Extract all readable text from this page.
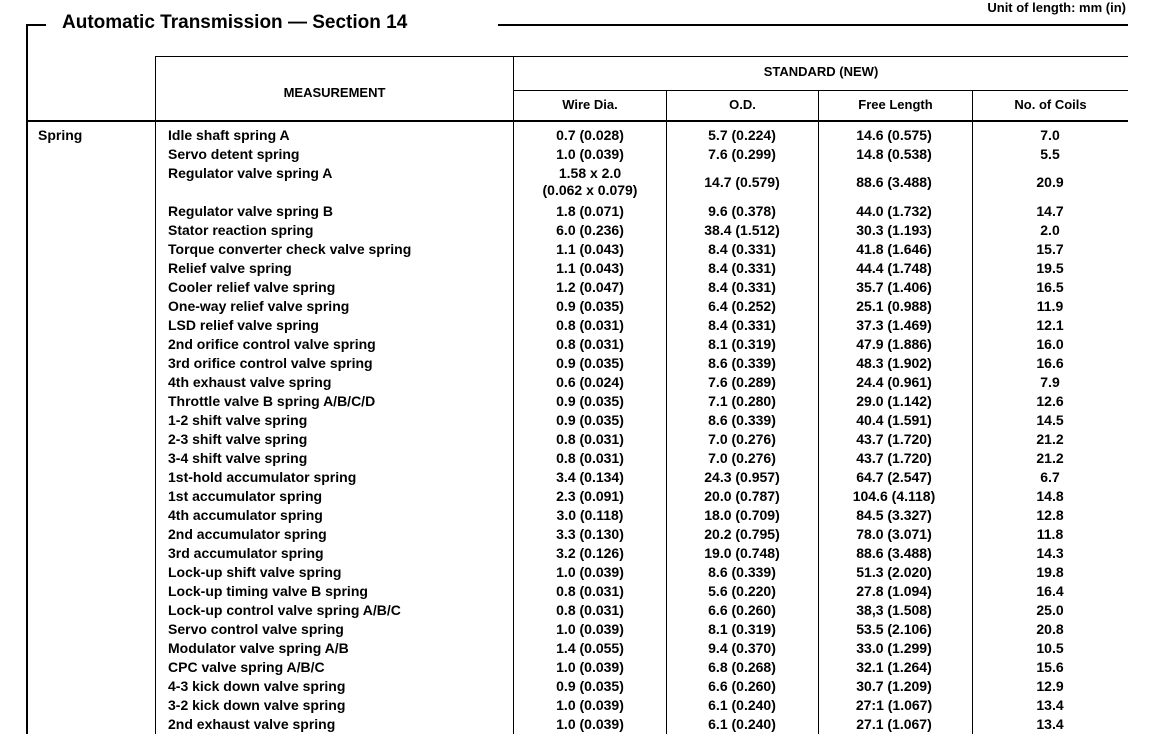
Unit of length: mm (in)
Automatic Transmission — Section 14
MEASUREMENT
STANDARD (NEW)
Wire Dia.	O.D.	Free Length	No. of Coils
Spring	Idle shaft spring A	0.7 (0.028)	5.7 (0.224)	14.6 (0.575)	7.0
Servo detent spring	1.0 (0.039)	7.6 (0.299)	14.8 (0.538)	5.5
Regulator valve spring A	1.58 x 2.0
(0.062 x 0.079)	14.7 (0.579)	88.6 (3.488)	20.9
Regulator valve spring B	1.8 (0.071)	9.6 (0.378)	44.0 (1.732)	14.7
Stator reaction spring	6.0 (0.236)	38.4 (1.512)	30.3 (1.193)	2.0
Torque converter check valve spring	1.1 (0.043)	8.4 (0.331)	41.8 (1.646)	15.7
Relief valve spring	1.1 (0.043)	8.4 (0.331)	44.4 (1.748)	19.5
Cooler relief valve spring	1.2 (0.047)	8.4 (0.331)	35.7 (1.406)	16.5
One-way relief valve spring	0.9 (0.035)	6.4 (0.252)	25.1 (0.988)	11.9
LSD relief valve spring	0.8 (0.031)	8.4 (0.331)	37.3 (1.469)	12.1
2nd orifice control valve spring	0.8 (0.031)	8.1 (0.319)	47.9 (1.886)	16.0
3rd orifice control valve spring	0.9 (0.035)	8.6 (0.339)	48.3 (1.902)	16.6
4th exhaust valve spring	0.6 (0.024)	7.6 (0.289)	24.4 (0.961)	7.9
Throttle valve B spring A/B/C/D	0.9 (0.035)	7.1 (0.280)	29.0 (1.142)	12.6
1-2 shift valve spring	0.9 (0.035)	8.6 (0.339)	40.4 (1.591)	14.5
2-3 shift valve spring	0.8 (0.031)	7.0 (0.276)	43.7 (1.720)	21.2
3-4 shift valve spring	0.8 (0.031)	7.0 (0.276)	43.7 (1.720)	21.2
1st-hold accumulator spring	3.4 (0.134)	24.3 (0.957)	64.7 (2.547)	6.7
1st accumulator spring	2.3 (0.091)	20.0 (0.787)	104.6 (4.118)	14.8
4th accumulator spring	3.0 (0.118)	18.0 (0.709)	84.5 (3.327)	12.8
2nd accumulator spring	3.3 (0.130)	20.2 (0.795)	78.0 (3.071)	11.8
3rd accumulator spring	3.2 (0.126)	19.0 (0.748)	88.6 (3.488)	14.3
Lock-up shift valve spring	1.0 (0.039)	8.6 (0.339)	51.3 (2.020)	19.8
Lock-up timing valve B spring	0.8 (0.031)	5.6 (0.220)	27.8 (1.094)	16.4
Lock-up control valve spring A/B/C	0.8 (0.031)	6.6 (0.260)	38,3 (1.508)	25.0
Servo control valve spring	1.0 (0.039)	8.1 (0.319)	53.5 (2.106)	20.8
Modulator valve spring A/B	1.4 (0.055)	9.4 (0.370)	33.0 (1.299)	10.5
CPC valve spring A/B/C	1.0 (0.039)	6.8 (0.268)	32.1 (1.264)	15.6
4-3 kick down valve spring	0.9 (0.035)	6.6 (0.260)	30.7 (1.209)	12.9
3-2 kick down valve spring	1.0 (0.039)	6.1 (0.240)	27:1 (1.067)	13.4
2nd exhaust valve spring	1.0 (0.039)	6.1 (0.240)	27.1 (1.067)	13.4
